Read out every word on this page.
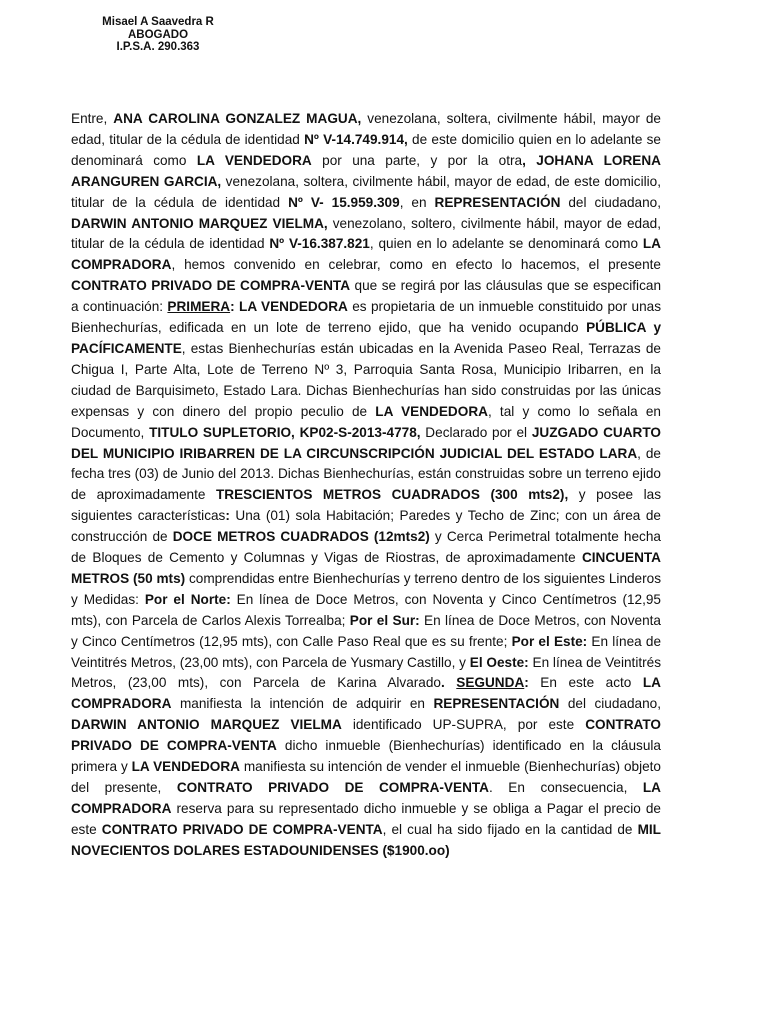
Misael A Saavedra R
ABOGADO
I.P.S.A. 290.363

Entre, ANA CAROLINA GONZALEZ MAGUA, venezolana, soltera, civilmente hábil, mayor de edad, titular de la cédula de identidad Nº V-14.749.914, de este domicilio quien en lo adelante se denominará como LA VENDEDORA por una parte, y por la otra, JOHANA LORENA ARANGUREN GARCIA, venezolana, soltera, civilmente hábil, mayor de edad, de este domicilio, titular de la cédula de identidad Nº V- 15.959.309, en REPRESENTACIÓN del ciudadano, DARWIN ANTONIO MARQUEZ VIELMA, venezolano, soltero, civilmente hábil, mayor de edad, titular de la cédula de identidad Nº V-16.387.821, quien en lo adelante se denominará como LA COMPRADORA, hemos convenido en celebrar, como en efecto lo hacemos, el presente CONTRATO PRIVADO DE COMPRA-VENTA que se regirá por las cláusulas que se especifican a continuación: PRIMERA: LA VENDEDORA es propietaria de un inmueble constituido por unas Bienhechurías, edificada en un lote de terreno ejido, que ha venido ocupando PÚBLICA y PACÍFICAMENTE, estas Bienhechurías están ubicadas en la Avenida Paseo Real, Terrazas de Chigua I, Parte Alta, Lote de Terreno Nº 3, Parroquia Santa Rosa, Municipio Iribarren, en la ciudad de Barquisimeto, Estado Lara. Dichas Bienhechurías han sido construidas por las únicas expensas y con dinero del propio peculio de LA VENDEDORA, tal y como lo señala en Documento, TITULO SUPLETORIO, KP02-S-2013-4778, Declarado por el JUZGADO CUARTO DEL MUNICIPIO IRIBARREN DE LA CIRCUNSCRIPCIÓN JUDICIAL DEL ESTADO LARA, de fecha tres (03) de Junio del 2013. Dichas Bienhechurías, están construidas sobre un terreno ejido de aproximadamente TRESCIENTOS METROS CUADRADOS (300 mts2), y posee las siguientes características: Una (01) sola Habitación; Paredes y Techo de Zinc; con un área de construcción de DOCE METROS CUADRADOS (12mts2) y Cerca Perimetral totalmente hecha de Bloques de Cemento y Columnas y Vigas de Riostras, de aproximadamente CINCUENTA METROS (50 mts) comprendidas entre Bienhechurías y terreno dentro de los siguientes Linderos y Medidas: Por el Norte: En línea de Doce Metros, con Noventa y Cinco Centímetros (12,95 mts), con Parcela de Carlos Alexis Torrealba; Por el Sur: En línea de Doce Metros, con Noventa y Cinco Centímetros (12,95 mts), con Calle Paso Real que es su frente; Por el Este: En línea de Veintitrés Metros, (23,00 mts), con Parcela de Yusmary Castillo, y El Oeste: En línea de Veintitrés Metros, (23,00 mts), con Parcela de Karina Alvarado. SEGUNDA: En este acto LA COMPRADORA manifiesta la intención de adquirir en REPRESENTACIÓN del ciudadano, DARWIN ANTONIO MARQUEZ VIELMA identificado UP-SUPRA, por este CONTRATO PRIVADO DE COMPRA-VENTA dicho inmueble (Bienhechurías) identificado en la cláusula primera y LA VENDEDORA manifiesta su intención de vender el inmueble (Bienhechurías) objeto del presente, CONTRATO PRIVADO DE COMPRA-VENTA. En consecuencia, LA COMPRADORA reserva para su representado dicho inmueble y se obliga a Pagar el precio de este CONTRATO PRIVADO DE COMPRA-VENTA, el cual ha sido fijado en la cantidad de MIL NOVECIENTOS DOLARES ESTADOUNIDENSES ($1900.oo)
